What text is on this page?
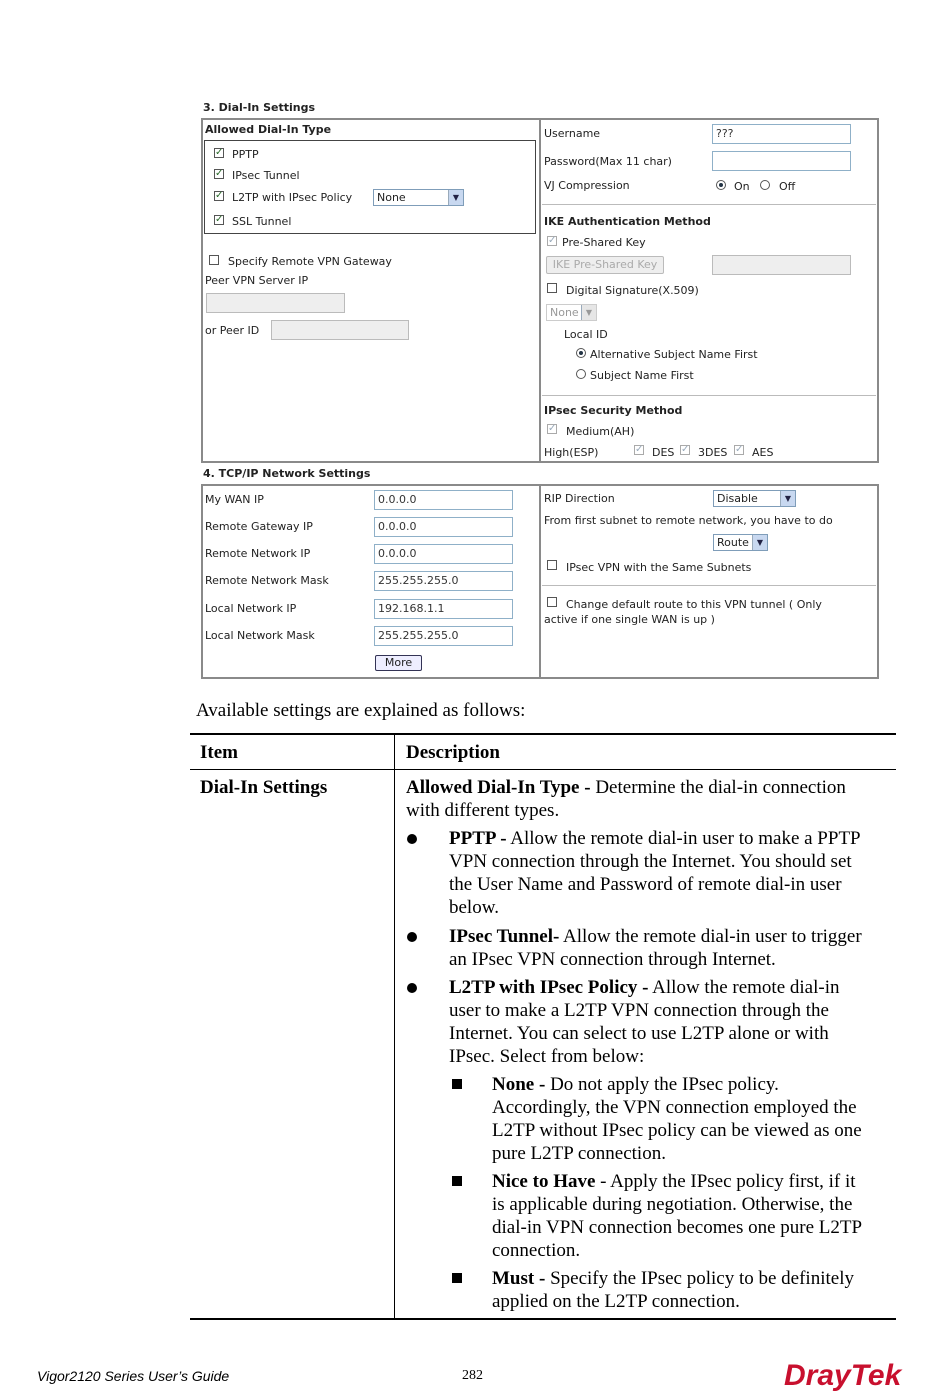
3. Dial-In Settings
Allowed Dial-In Type
✓ PPTP
✓ IPsec Tunnel
✓ L2TP with IPsec Policy	None	▼
✓ SSL Tunnel
Specify Remote VPN Gateway
Peer VPN Server IP
or Peer ID
Username	???
Password(Max 11 char)
VJ Compression	On	Off
IKE Authentication Method
✓ Pre-Shared Key
IKE Pre-Shared Key
Digital Signature(X.509)
None ▼
Local ID
Alternative Subject Name First
Subject Name First
IPsec Security Method
✓ Medium(AH)
High(ESP)	✓ DES ✓ 3DES ✓ AES
4. TCP/IP Network Settings
My WAN IP	0.0.0.0
Remote Gateway IP	0.0.0.0
Remote Network IP	0.0.0.0
Remote Network Mask	255.255.255.0
Local Network IP	192.168.1.1
Local Network Mask	255.255.255.0
More
RIP Direction	Disable	▼
From first subnet to remote network, you have to do
Route ▼
IPsec VPN with the Same Subnets
Change default route to this VPN tunnel ( Only
active if one single WAN is up )
Available settings are explained as follows:
Item	Description
Dial-In Settings	Allowed Dial-In Type - Determine the dial-in connection
with different types.
PPTP - Allow the remote dial-in user to make a PPTP
VPN connection through the Internet. You should set
the User Name and Password of remote dial-in user
below.
IPsec Tunnel- Allow the remote dial-in user to trigger
an IPsec VPN connection through Internet.
L2TP with IPsec Policy - Allow the remote dial-in
user to make a L2TP VPN connection through the
Internet. You can select to use L2TP alone or with
IPsec. Select from below:
None - Do not apply the IPsec policy.
Accordingly, the VPN connection employed the
L2TP without IPsec policy can be viewed as one
pure L2TP connection.
Nice to Have - Apply the IPsec policy first, if it
is applicable during negotiation. Otherwise, the
dial-in VPN connection becomes one pure L2TP
connection.
Must - Specify the IPsec policy to be definitely
applied on the L2TP connection.
Vigor2120 Series User’s Guide	282	DrayTek
